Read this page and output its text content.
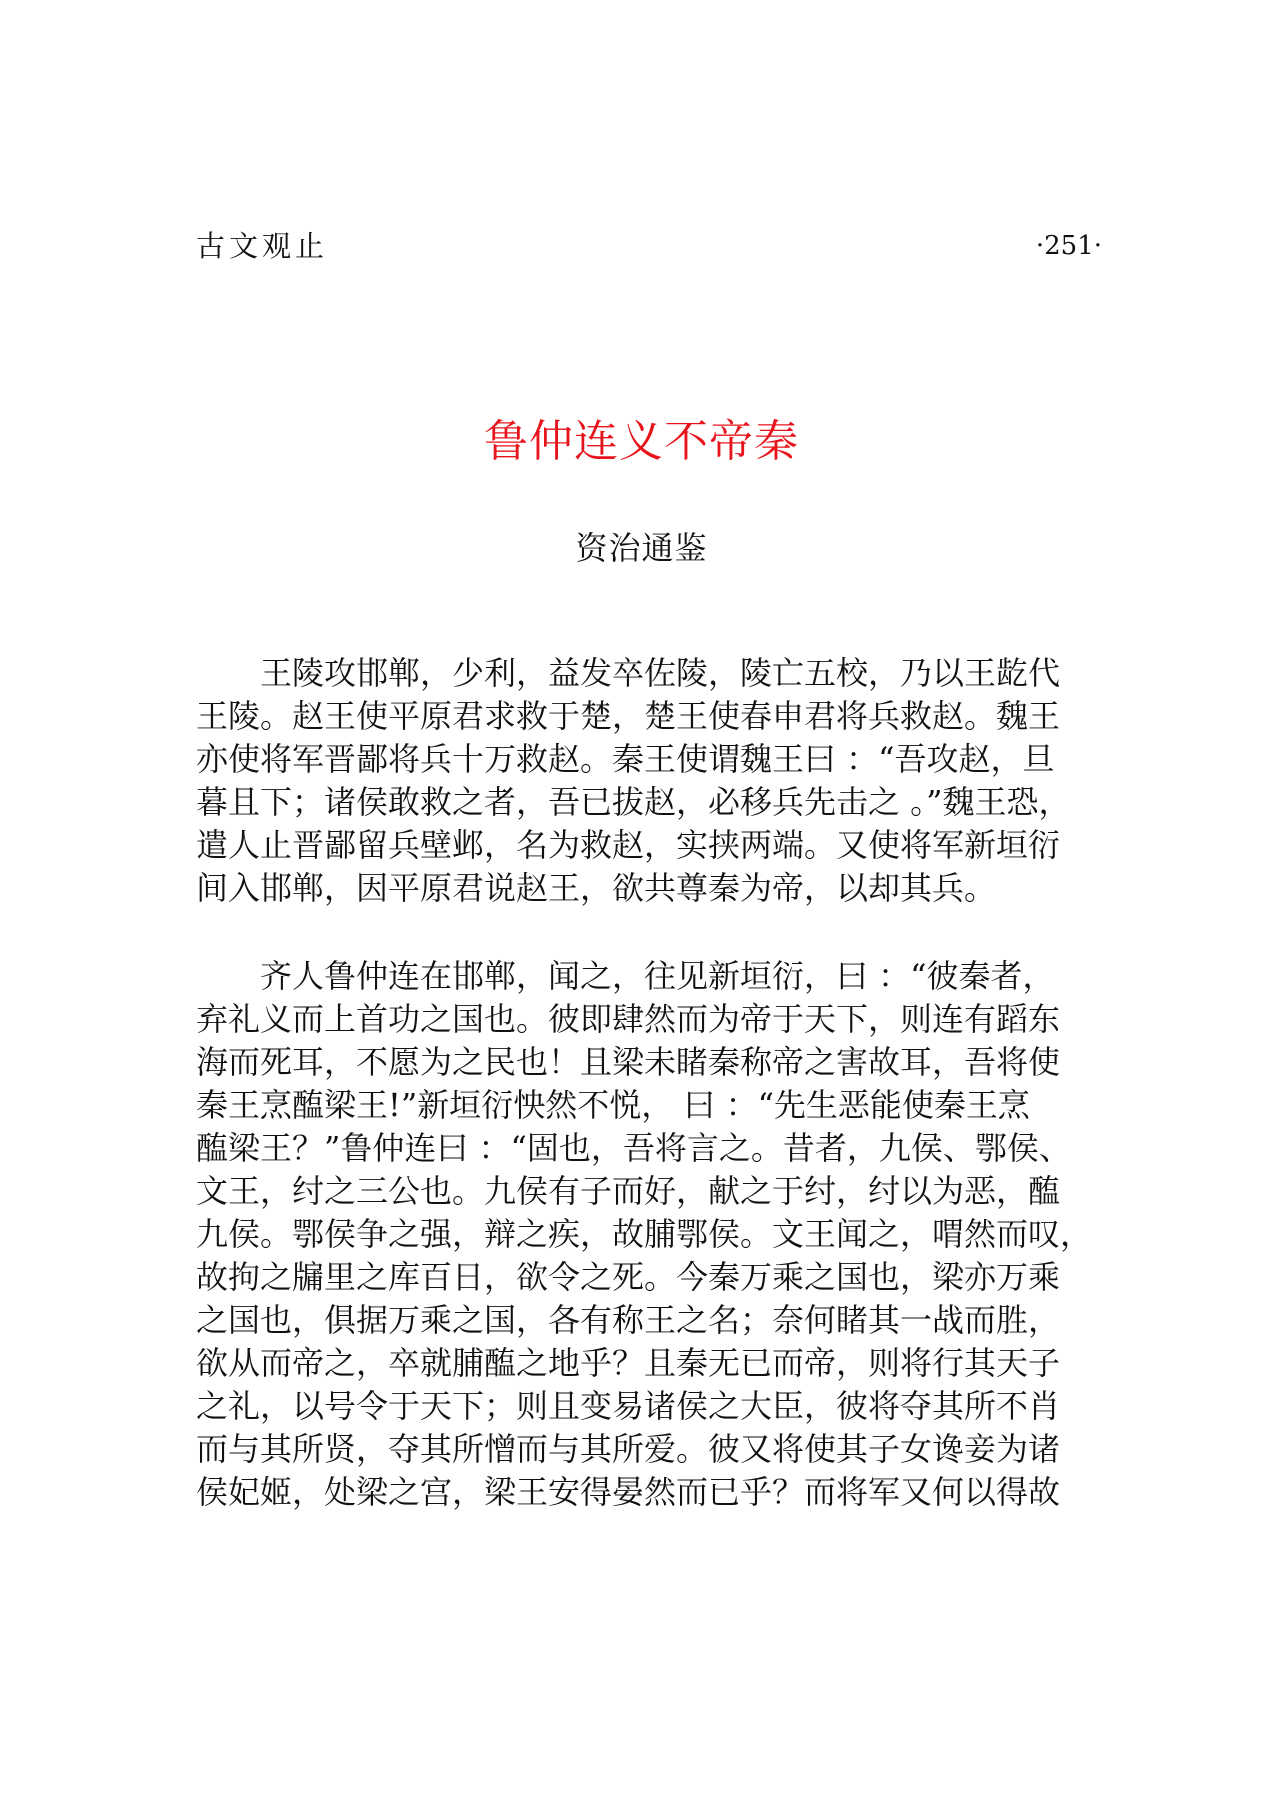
古文观止	·251·
鲁仲连义不帝秦
资治通鉴
王陵攻邯郸，少利，益发卒佐陵，陵亡五校，乃以王龁代
王陵。赵王使平原君求救于楚，楚王使春申君将兵救赵。魏王
亦使将军晋鄙将兵十万救赵。秦王使谓魏王曰 ：“吾攻赵，旦
暮且下；诸侯敢救之者，吾已拔赵，必移兵先击之 。”魏王恐，
遣人止晋鄙留兵壁邺，名为救赵，实挟两端。又使将军新垣衍
间入邯郸，因平原君说赵王，欲共尊秦为帝，以却其兵。
齐人鲁仲连在邯郸，闻之，往见新垣衍，曰 ：“彼秦者，
弃礼义而上首功之国也。彼即肆然而为帝于天下，则连有蹈东
海而死耳，不愿为之民也！且梁未睹秦称帝之害故耳，吾将使
秦王烹醢梁王!”新垣衍怏然不悦， 曰 ：“先生恶能使秦王烹
醢梁王？”鲁仲连曰 ：“固也，吾将言之。昔者，九侯、鄂侯、
文王，纣之三公也。九侯有子而好，献之于纣，纣以为恶，醢
九侯。鄂侯争之强，辩之疾，故脯鄂侯。文王闻之，喟然而叹，
故拘之牖里之库百日，欲令之死。今秦万乘之国也，梁亦万乘
之国也，俱据万乘之国，各有称王之名；奈何睹其一战而胜，
欲从而帝之，卒就脯醢之地乎？且秦无已而帝，则将行其天子
之礼，以号令于天下；则且变易诸侯之大臣，彼将夺其所不肖
而与其所贤，夺其所憎而与其所爱。彼又将使其子女谗妾为诸
侯妃姬，处梁之宫，梁王安得晏然而已乎？而将军又何以得故
